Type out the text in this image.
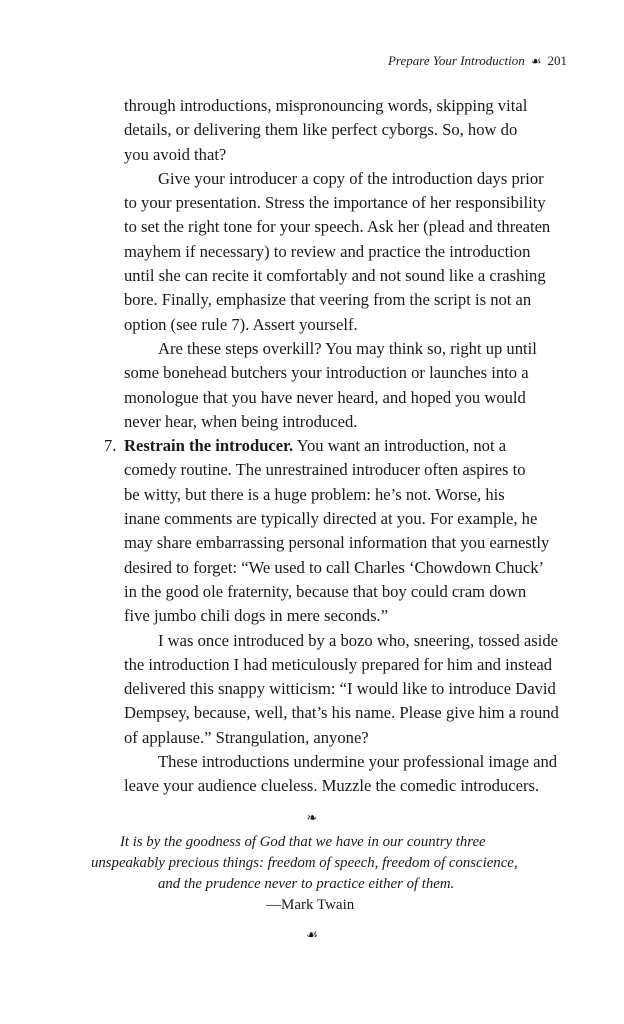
Prepare Your Introduction ☙ 201

through introductions, mispronouncing words, skipping vital

details, or delivering them like perfect cyborgs. So, how do

you avoid that?

Give your introducer a copy of the introduction days prior

to your presentation. Stress the importance of her responsibility

to set the right tone for your speech. Ask her (plead and threaten

mayhem if necessary) to review and practice the introduction

until she can recite it comfortably and not sound like a crashing

bore. Finally, emphasize that veering from the script is not an

option (see rule 7). Assert yourself.

Are these steps overkill? You may think so, right up until

some bonehead butchers your introduction or launches into a

monologue that you have never heard, and hoped you would

never hear, when being introduced.

7. Restrain the introducer. You want an introduction, not a

comedy routine. The unrestrained introducer often aspires to

be witty, but there is a huge problem: he’s not. Worse, his

inane comments are typically directed at you. For example, he

may share embarrassing personal information that you earnestly

desired to forget: “We used to call Charles ‘Chowdown Chuck’

in the good ole fraternity, because that boy could cram down

five jumbo chili dogs in mere seconds.”

I was once introduced by a bozo who, sneering, tossed aside

the introduction I had meticulously prepared for him and instead

delivered this snappy witticism: “I would like to introduce David

Dempsey, because, well, that’s his name. Please give him a round

of applause.” Strangulation, anyone?

These introductions undermine your professional image and

leave your audience clueless. Muzzle the comedic introducers.

❧
It is by the goodness of God that we have in our country three
unspeakably precious things: freedom of speech, freedom of conscience,
and the prudence never to practice either of them.
—Mark Twain
☙
